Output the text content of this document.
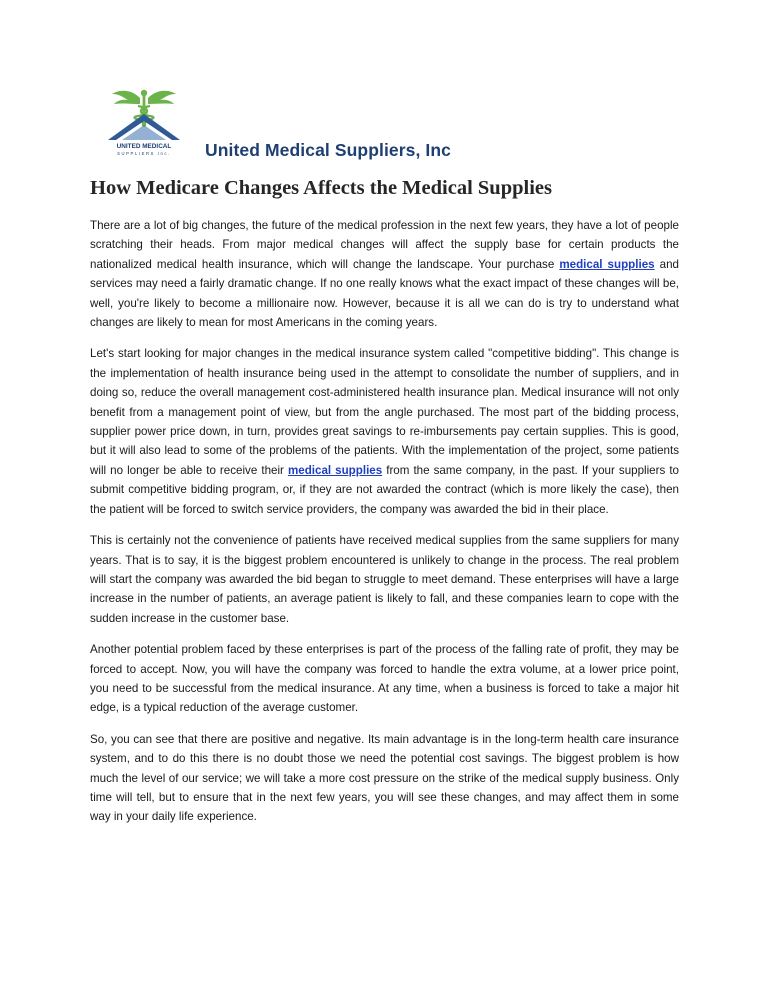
UNITED MEDICAL
SUPPLIERS Inc. United Medical Suppliers, Inc
How Medicare Changes Affects the Medical Supplies

There are a lot of big changes, the future of the medical profession in the next few years, they have a lot of people scratching their heads. From major medical changes will affect the supply base for certain products the nationalized medical health insurance, which will change the landscape. Your purchase medical supplies and services may need a fairly dramatic change. If no one really knows what the exact impact of these changes will be, well, you're likely to become a millionaire now. However, because it is all we can do is try to understand what changes are likely to mean for most Americans in the coming years.

Let's start looking for major changes in the medical insurance system called "competitive bidding". This change is the implementation of health insurance being used in the attempt to consolidate the number of suppliers, and in doing so, reduce the overall management cost-administered health insurance plan. Medical insurance will not only benefit from a management point of view, but from the angle purchased. The most part of the bidding process, supplier power price down, in turn, provides great savings to re-imbursements pay certain supplies. This is good, but it will also lead to some of the problems of the patients. With the implementation of the project, some patients will no longer be able to receive their medical supplies from the same company, in the past. If your suppliers to submit competitive bidding program, or, if they are not awarded the contract (which is more likely the case), then the patient will be forced to switch service providers, the company was awarded the bid in their place.

This is certainly not the convenience of patients have received medical supplies from the same suppliers for many years. That is to say, it is the biggest problem encountered is unlikely to change in the process. The real problem will start the company was awarded the bid began to struggle to meet demand. These enterprises will have a large increase in the number of patients, an average patient is likely to fall, and these companies learn to cope with the sudden increase in the customer base.

Another potential problem faced by these enterprises is part of the process of the falling rate of profit, they may be forced to accept. Now, you will have the company was forced to handle the extra volume, at a lower price point, you need to be successful from the medical insurance. At any time, when a business is forced to take a major hit edge, is a typical reduction of the average customer.

So, you can see that there are positive and negative. Its main advantage is in the long-term health care insurance system, and to do this there is no doubt those we need the potential cost savings. The biggest problem is how much the level of our service; we will take a more cost pressure on the strike of the medical supply business. Only time will tell, but to ensure that in the next few years, you will see these changes, and may affect them in some way in your daily life experience.
